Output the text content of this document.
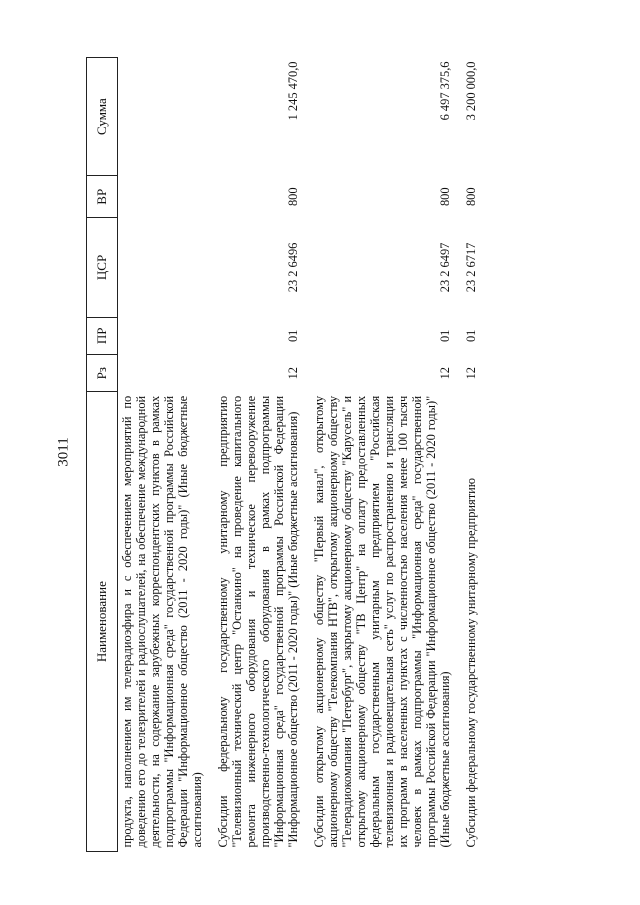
3011
Наименование	Рз	ПР	ЦСР	ВР	Сумма
продукта, наполнением им телерадиоэфира и с обеспечением мероприятий по доведению его до телезрителей и радиослушателей, на обеспечение международной деятельности, на содержание зарубежных корреспондентских пунктов в рамках подпрограммы "Информационная среда" государственной программы Российской Федерации "Информационное общество (2011 - 2020 годы)" (Иные бюджетные ассигнования)					
Субсидии федеральному государственному унитарному предприятию "Телевизионный технический центр "Останкино" на проведение капитального ремонта инженерного оборудования и техническое перевооружение производственно-технологического оборудования в рамках подпрограммы "Информационная среда" государственной программы Российской Федерации "Информационное общество (2011 - 2020 годы)" (Иные бюджетные ассигнования)	12	01	23 2 6496	800	1 245 470,0
Субсидии открытому акционерному обществу "Первый канал", открытому акционерному обществу "Телекомпания НТВ", открытому акционерному обществу "Телерадиокомпания "Петербург", закрытому акционерному обществу "Карусель" и открытому акционерному обществу "ТВ Центр" на оплату предоставленных федеральным государственным унитарным предприятием "Российская телевизионная и радиовещательная сеть" услуг по распространению и трансляции их программ в населенных пунктах с численностью населения менее 100 тысяч человек в рамках подпрограммы "Информационная среда" государственной программы Российской Федерации "Информационное общество (2011 - 2020 годы)" (Иные бюджетные ассигнования)	12	01	23 2 6497	800	6 497 375,6
Субсидии федеральному государственному унитарному предприятию	12	01	23 2 6717	800	3 200 000,0
